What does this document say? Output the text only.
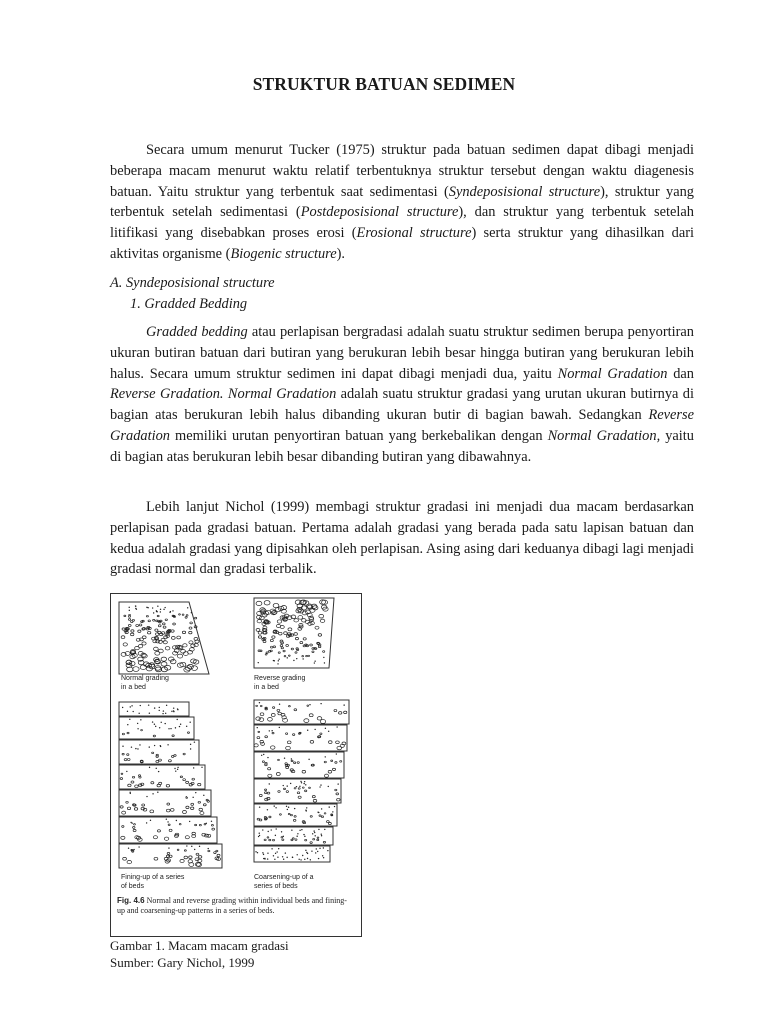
STRUKTUR BATUAN SEDIMEN

Secara umum menurut Tucker (1975) struktur pada batuan sedimen dapat dibagi menjadi beberapa macam menurut waktu relatif terbentuknya struktur tersebut dengan waktu diagenesis batuan. Yaitu struktur yang terbentuk saat sedimentasi (Syndeposisional structure), struktur yang terbentuk setelah sedimentasi (Postdeposisional structure), dan struktur yang terbentuk setelah litifikasi yang disebabkan proses erosi (Erosional structure) serta struktur yang dihasilkan dari aktivitas organisme (Biogenic structure).

A. Syndeposisional structure
1. Gradded Bedding

Gradded bedding atau perlapisan bergradasi adalah suatu struktur sedimen berupa penyortiran ukuran butiran batuan dari butiran yang berukuran lebih besar hingga butiran yang berukuran lebih halus. Secara umum struktur sedimen ini dapat dibagi menjadi dua, yaitu Normal Gradation dan Reverse Gradation. Normal Gradation adalah suatu struktur gradasi yang urutan ukuran butirnya di bagian atas berukuran lebih halus dibanding ukuran butir di bagian bawah. Sedangkan Reverse Gradation memiliki urutan penyortiran batuan yang berkebalikan dengan Normal Gradation, yaitu di bagian atas berukuran lebih besar dibanding butiran yang dibawahnya.

Lebih lanjut Nichol (1999) membagi struktur gradasi ini menjadi dua macam berdasarkan perlapisan pada gradasi batuan. Pertama adalah gradasi yang berada pada satu lapisan batuan dan kedua adalah gradasi yang dipisahkan oleh perlapisan. Asing asing dari keduanya dibagi lagi menjadi gradasi normal dan gradasi terbalik.

Normal grading
in a bed
Reverse grading
in a bed
Fining-up of a series
of beds
Coarsening-up of a
series of beds
Fig. 4.6 Normal and reverse grading within individual beds and fining-up and coarsening-up patterns in a series of beds.
Gambar 1. Macam macam gradasi
Sumber: Gary Nichol, 1999
